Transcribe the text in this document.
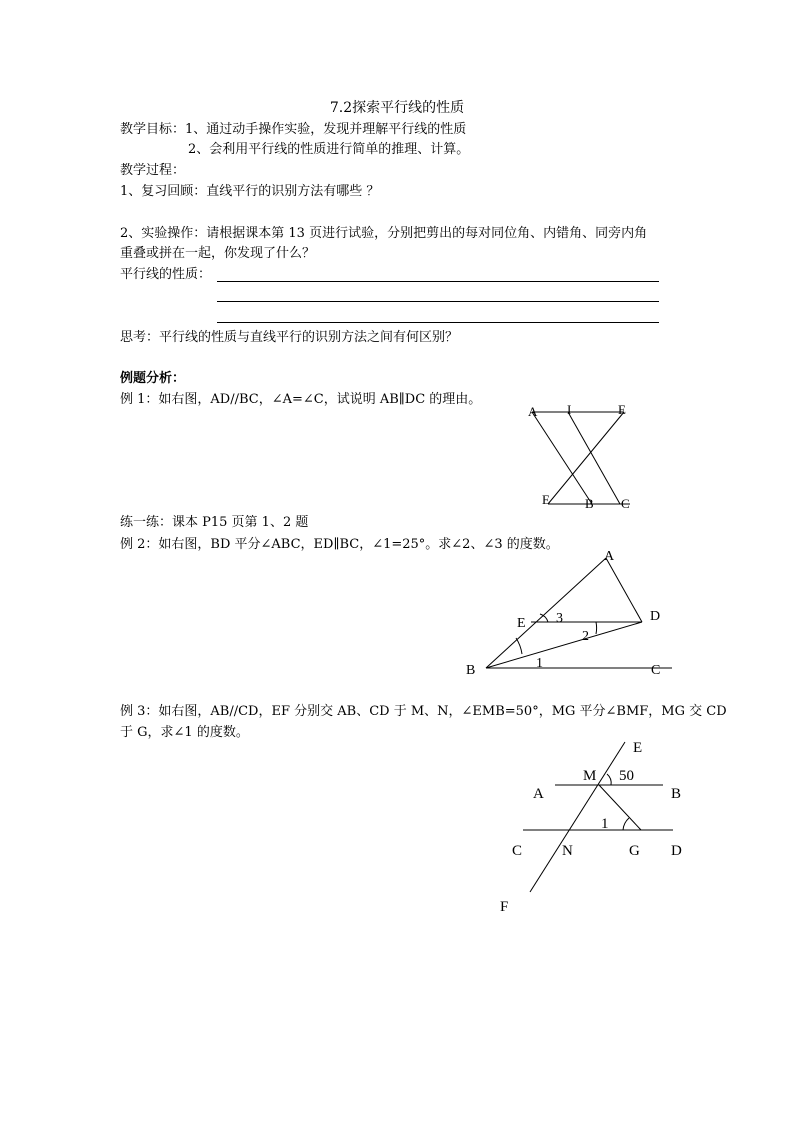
7.2探索平行线的性质
教学目标：1、通过动手操作实验，发现并理解平行线的性质
2、会利用平行线的性质进行简单的推理、计算。
教学过程：
1、复习回顾：直线平行的识别方法有哪些 ？
2、实验操作：请根据课本第 13 页进行试验，分别把剪出的每对同位角、内错角、同旁内角
重叠或拼在一起，你发现了什么？
平行线的性质：
思考：平行线的性质与直线平行的识别方法之间有何区别？
例题分析：
例 1：如右图，AD//BC，∠A=∠C，试说明 AB∥DC 的理由。
A I	E
E	B C
练一练：课本 P15 页第 1、2 题
例 2：如右图，BD 平分∠ABC，ED∥BC，∠1=25°。求∠2、∠3 的度数。
A
E	D
B	C
1
2
3
例 3：如右图，AB//CD，EF 分别交 AB、CD 于 M、N，∠EMB=50°，MG 平分∠BMF，MG 交 CD
于 G，求∠1 的度数。
E
M 50
A	B
1
C	N	G D
F
